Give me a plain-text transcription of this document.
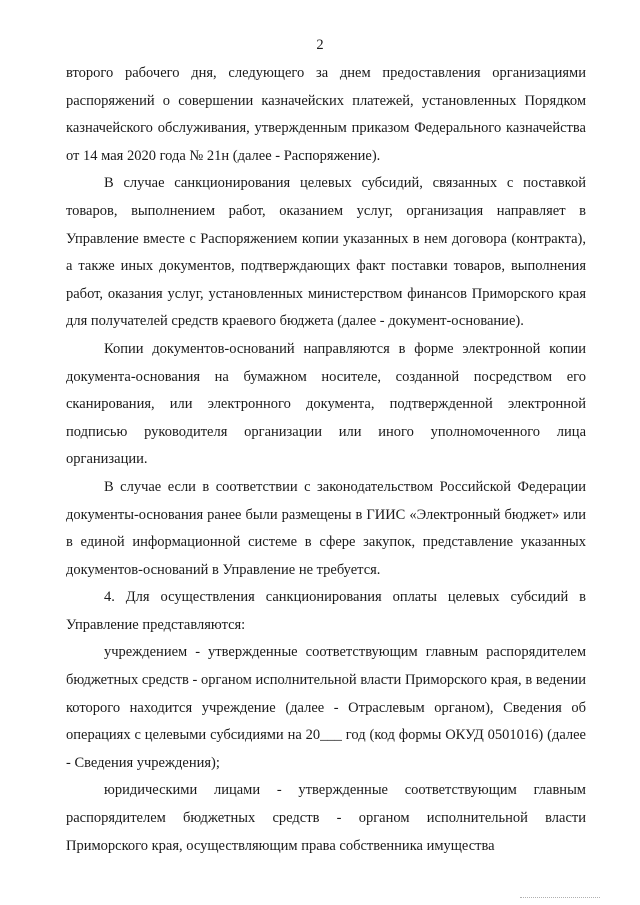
2

второго рабочего дня, следующего за днем предоставления организациями распоряжений о совершении казначейских платежей, установленных Порядком казначейского обслуживания, утвержденным приказом Федерального казначейства от 14 мая 2020 года № 21н (далее - Распоряжение).

В случае санкционирования целевых субсидий, связанных с поставкой товаров, выполнением работ, оказанием услуг, организация направляет в Управление вместе с Распоряжением копии указанных в нем договора (контракта), а также иных документов, подтверждающих факт поставки товаров, выполнения работ, оказания услуг, установленных министерством финансов Приморского края для получателей средств краевого бюджета (далее - документ-основание).

Копии документов-оснований направляются в форме электронной копии документа-основания на бумажном носителе, созданной посредством его сканирования, или электронного документа, подтвержденной электронной подписью руководителя организации или иного уполномоченного лица организации.

В случае если в соответствии с законодательством Российской Федерации документы-основания ранее были размещены в ГИИС «Электронный бюджет» или в единой информационной системе в сфере закупок, представление указанных документов-оснований в Управление не требуется.

4. Для осуществления санкционирования оплаты целевых субсидий в Управление представляются:

учреждением - утвержденные соответствующим главным распорядителем бюджетных средств - органом исполнительной власти Приморского края, в ведении которого находится учреждение (далее - Отраслевым органом), Сведения об операциях с целевыми субсидиями на 20___ год (код формы ОКУД 0501016) (далее - Сведения учреждения);

юридическими лицами - утвержденные соответствующим главным распорядителем бюджетных средств - органом исполнительной власти Приморского края, осуществляющим права собственника имущества
